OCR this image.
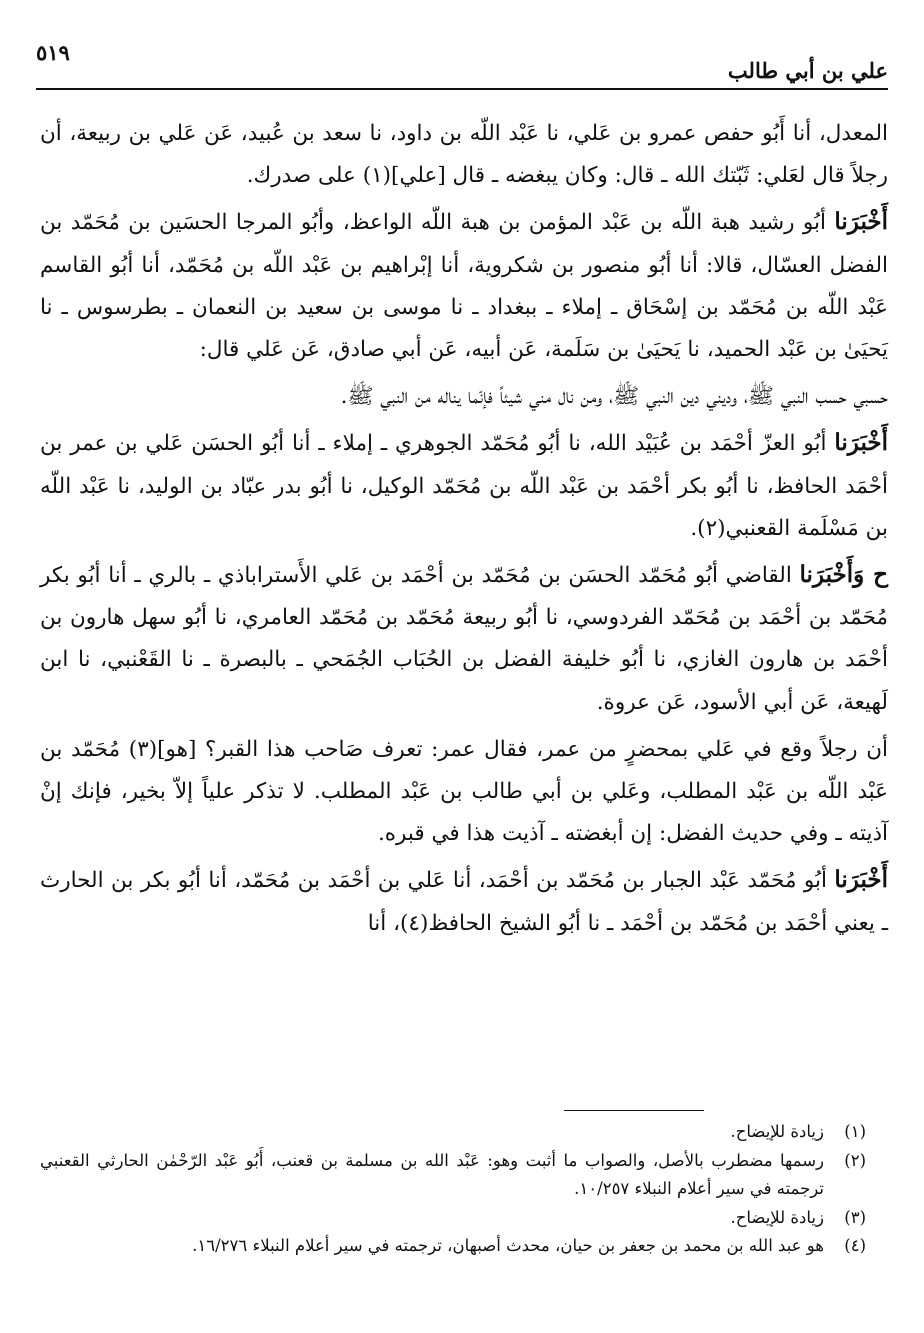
علي بن أبي طالب
٥١٩

المعدل، أنا أَبُو حفص عمرو بن عَلي، نا عَبْد اللّه بن داود، نا سعد بن عُبيد، عَن عَلي بن ربيعة، أن رجلاً قال لعَلي: ثَبّتك الله ـ قال: وكان يبغضه ـ قال [علي](١) على صدرك.

أَخْبَرَنا أبُو رشيد هبة اللّه بن عَبْد المؤمن بن هبة اللّه الواعظ، وأبُو المرجا الحسَين بن مُحَمّد بن الفضل العسّال، قالا: أنا أبُو منصور بن شكروية، أنا إبْراهيم بن عَبْد اللّه بن مُحَمّد، أنا أبُو القاسم عَبْد اللّه بن مُحَمّد بن إسْحَاق ـ إملاء ـ ببغداد ـ نا موسى بن سعيد بن النعمان ـ بطرسوس ـ نا يَحيَىٰ بن عَبْد الحميد، نا يَحيَىٰ بن سَلَمة، عَن أبيه، عَن أبي صادق، عَن عَلي قال:

حسبي حسب النبي ﷺ، وديني دين النبي ﷺ، ومن نال مني شيئاً فإنّما يناله من النبي ﷺ.

أَخْبَرَنا أبُو العزّ أحْمَد بن عُبَيْد الله، نا أبُو مُحَمّد الجوهري ـ إملاء ـ أنا أبُو الحسَن عَلي بن عمر بن أحْمَد الحافظ، نا أبُو بكر أحْمَد بن عَبْد اللّه بن مُحَمّد الوكيل، نا أبُو بدر عبّاد بن الوليد، نا عَبْد اللّه بن مَسْلَمة القعنبي(٢).

ح وَأَخْبَرَنا القاضي أبُو مُحَمّد الحسَن بن مُحَمّد بن أحْمَد بن عَلي الأَستراباذي ـ بالري ـ أنا أبُو بكر مُحَمّد بن أحْمَد بن مُحَمّد الفردوسي، نا أبُو ربيعة مُحَمّد بن مُحَمّد العامري، نا أبُو سهل هارون بن أحْمَد بن هارون الغازي، نا أبُو خليفة الفضل بن الحُبَاب الجُمَحي ـ بالبصرة ـ نا القَعْنبي، نا ابن لَهيعة، عَن أبي الأسود، عَن عروة.

أن رجلاً وقع في عَلي بمحضرٍ من عمر، فقال عمر: تعرف صَاحب هذا القبر؟ [هو](٣) مُحَمّد بن عَبْد اللّه بن عَبْد المطلب، وعَلي بن أبي طالب بن عَبْد المطلب. لا تذكر علياً إلاّ بخير، فإنك إنْ آذيته ـ وفي حديث الفضل: إن أبغضته ـ آذيت هذا في قبره.

أَخْبَرَنا أبُو مُحَمّد عَبْد الجبار بن مُحَمّد بن أحْمَد، أنا عَلي بن أحْمَد بن مُحَمّد، أنا أبُو بكر بن الحارث ـ يعني أحْمَد بن مُحَمّد بن أحْمَد ـ نا أبُو الشيخ الحافظ(٤)، أنا

(١)
زيادة للإيضاح.
(٢)
رسمها مضطرب بالأصل، والصواب ما أثبت وهو: عَبْد الله بن مسلمة بن قعنب، أَبُو عَبْد الرّحْمٰن الحارثي القعنبي ترجمته في سير أعلام النبلاء ١٠/٢٥٧.
(٣)
زيادة للإيضاح.
(٤)
هو عبد الله بن محمد بن جعفر بن حيان، محدث أصبهان، ترجمته في سير أعلام النبلاء ١٦/٢٧٦.
